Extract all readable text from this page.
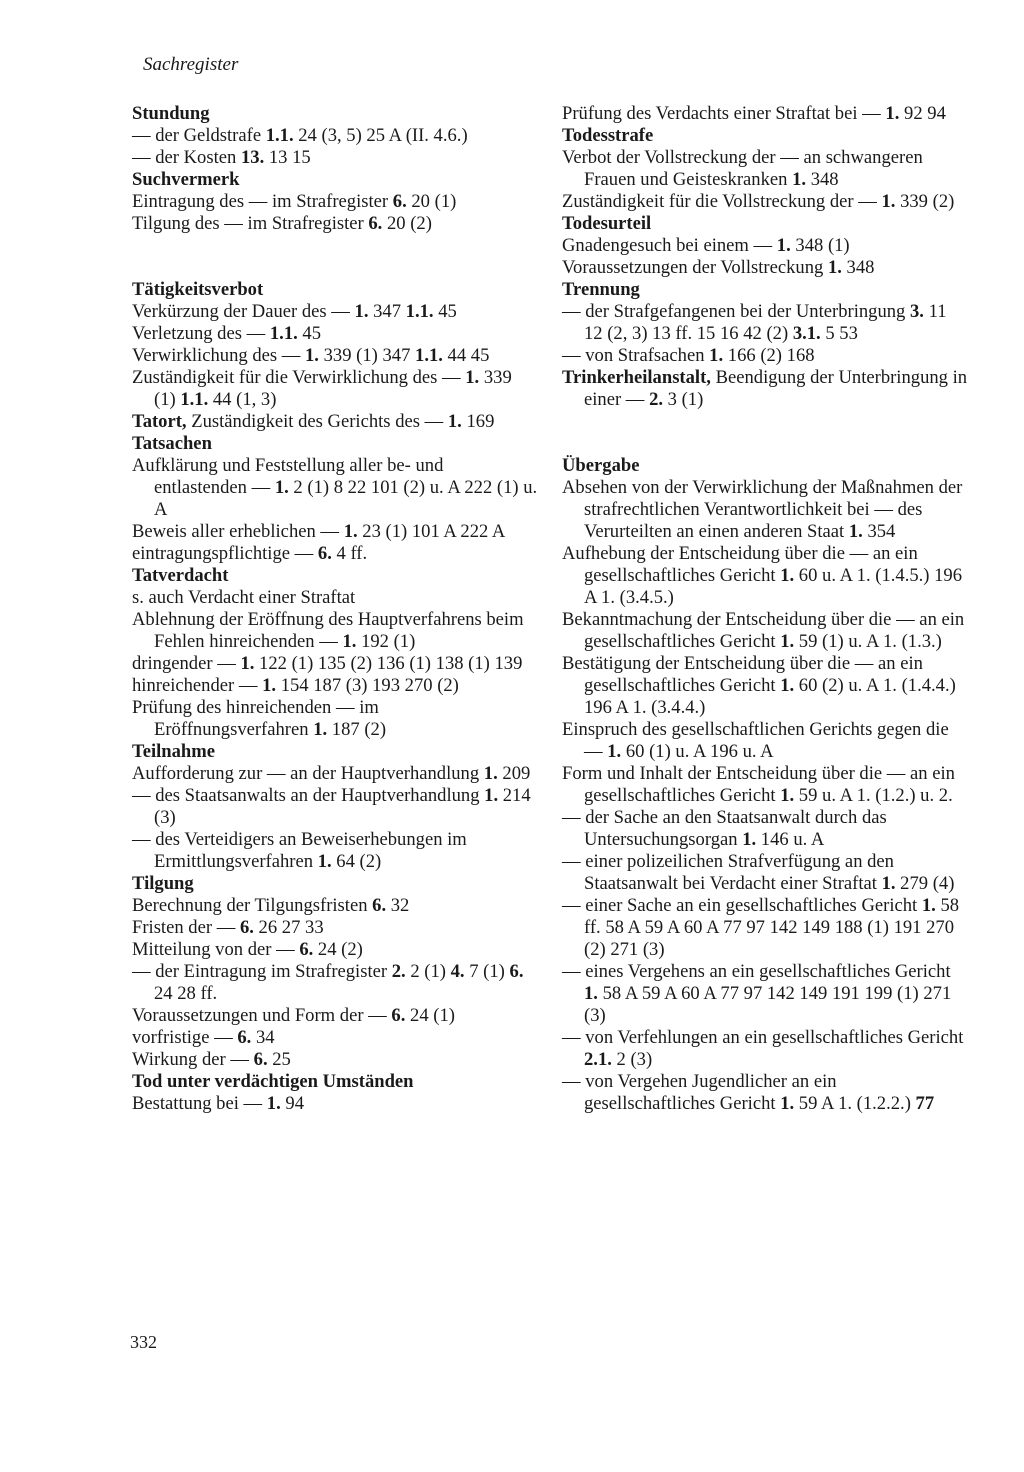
Sachregister

Stundung

— der Geldstrafe 1.1. 24 (3, 5) 25 A (II. 4.6.)

— der Kosten 13. 13 15

Suchvermerk

Eintragung des — im Strafregister 6. 20 (1)

Tilgung des — im Strafregister 6. 20 (2)

Tätigkeitsverbot

Verkürzung der Dauer des — 1. 347 1.1. 45

Verletzung des — 1.1. 45

Verwirklichung des — 1. 339 (1) 347 1.1. 44 45

Zuständigkeit für die Verwirklichung des — 1. 339 (1) 1.1. 44 (1, 3)

Tatort, Zuständigkeit des Gerichts des — 1. 169

Tatsachen

Aufklärung und Feststellung aller be- und entlastenden — 1. 2 (1) 8 22 101 (2) u. A 222 (1) u. A

Beweis aller erheblichen — 1. 23 (1) 101 A 222 A

eintragungspflichtige — 6. 4 ff.

Tatverdacht

s. auch Verdacht einer Straftat

Ablehnung der Eröffnung des Hauptverfahrens beim Fehlen hinreichenden — 1. 192 (1)

dringender — 1. 122 (1) 135 (2) 136 (1) 138 (1) 139

hinreichender — 1. 154 187 (3) 193 270 (2)

Prüfung des hinreichenden — im Eröffnungsverfahren 1. 187 (2)

Teilnahme

Aufforderung zur — an der Hauptverhandlung 1. 209

— des Staatsanwalts an der Hauptverhandlung 1. 214 (3)

— des Verteidigers an Beweiserhebungen im Ermittlungsverfahren 1. 64 (2)

Tilgung

Berechnung der Tilgungsfristen 6. 32

Fristen der — 6. 26 27 33

Mitteilung von der — 6. 24 (2)

— der Eintragung im Strafregister 2. 2 (1) 4. 7 (1) 6. 24 28 ff.

Voraussetzungen und Form der — 6. 24 (1)

vorfristige — 6. 34

Wirkung der — 6. 25

Tod unter verdächtigen Umständen

Bestattung bei — 1. 94

Prüfung des Verdachts einer Straftat bei — 1. 92 94

Todesstrafe

Verbot der Vollstreckung der — an schwangeren Frauen und Geisteskranken 1. 348

Zuständigkeit für die Vollstreckung der — 1. 339 (2)

Todesurteil

Gnadengesuch bei einem — 1. 348 (1)

Voraussetzungen der Vollstreckung 1. 348

Trennung

— der Strafgefangenen bei der Unterbringung 3. 11 12 (2, 3) 13 ff. 15 16 42 (2) 3.1. 5 53

— von Strafsachen 1. 166 (2) 168

Trinkerheilanstalt, Beendigung der Unterbringung in einer — 2. 3 (1)

Übergabe

Absehen von der Verwirklichung der Maßnahmen der strafrechtlichen Verantwortlichkeit bei — des Verurteilten an einen anderen Staat 1. 354

Aufhebung der Entscheidung über die — an ein gesellschaftliches Gericht 1. 60 u. A 1. (1.4.5.) 196 A 1. (3.4.5.)

Bekanntmachung der Entscheidung über die — an ein gesellschaftliches Gericht 1. 59 (1) u. A 1. (1.3.)

Bestätigung der Entscheidung über die — an ein gesellschaftliches Gericht 1. 60 (2) u. A 1. (1.4.4.) 196 A 1. (3.4.4.)

Einspruch des gesellschaftlichen Gerichts gegen die — 1. 60 (1) u. A 196 u. A

Form und Inhalt der Entscheidung über die — an ein gesellschaftliches Gericht 1. 59 u. A 1. (1.2.) u. 2.

— der Sache an den Staatsanwalt durch das Untersuchungsorgan 1. 146 u. A

— einer polizeilichen Strafverfügung an den Staatsanwalt bei Verdacht einer Straftat 1. 279 (4)

— einer Sache an ein gesellschaftliches Gericht 1. 58 ff. 58 A 59 A 60 A 77 97 142 149 188 (1) 191 270 (2) 271 (3)

— eines Vergehens an ein gesellschaftliches Gericht 1. 58 A 59 A 60 A 77 97 142 149 191 199 (1) 271 (3)

— von Verfehlungen an ein gesellschaftliches Gericht 2.1. 2 (3)

— von Vergehen Jugendlicher an ein gesellschaftliches Gericht 1. 59 A 1. (1.2.2.) 77

332
